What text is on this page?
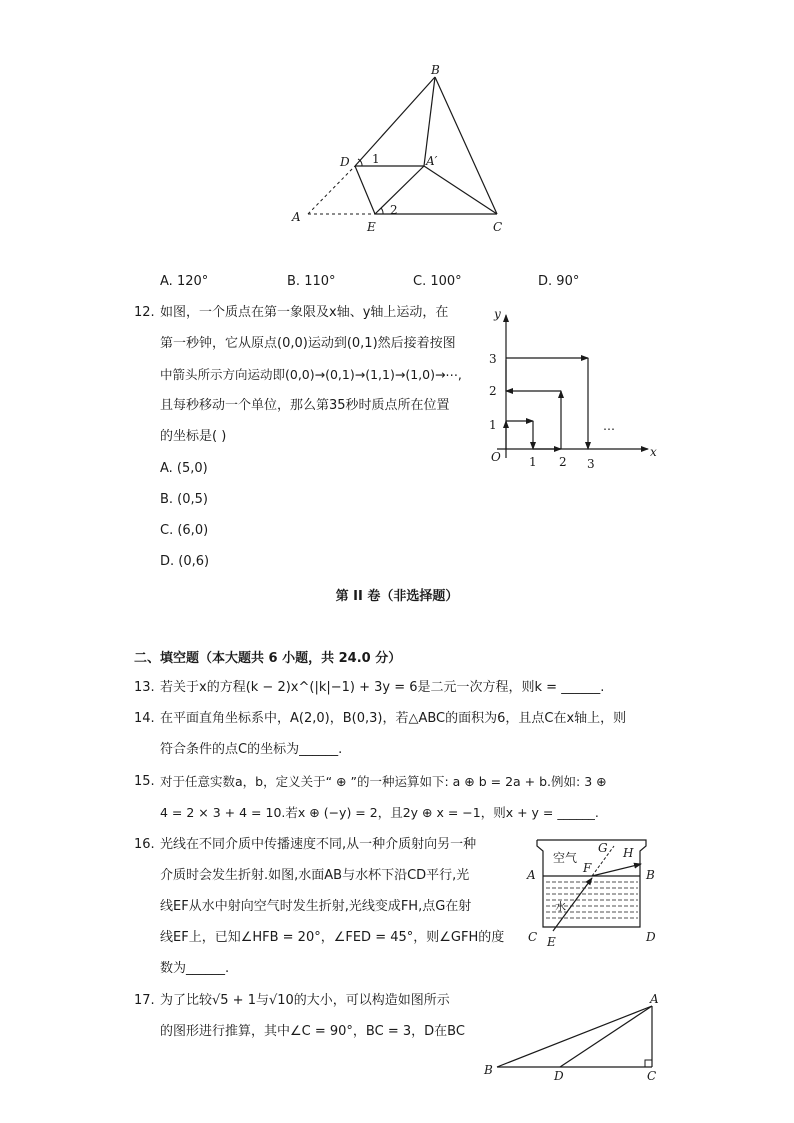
B
D 1	A′
A
E
2
C
A. 120°	B. 110°	C. 100°	D. 90°
12. 如图，一个质点在第一象限及x轴、y轴上运动，在
第一秒钟，它从原点(0,0)运动到(0,1)然后接着按图
中箭头所示方向运动即(0,0)→(0,1)→(1,1)→(1,0)→⋯,
且每秒移动一个单位，那么第35秒时质点所在位置
的坐标是( )
A. (5,0)
B. (0,5)
C. (6,0)
D. (0,6)
y
x
O 1 2 3
1
2
3
⋯
第 II 卷（非选择题）
二、填空题（本大题共 6 小题，共 24.0 分）
13. 若关于x的方程(k − 2)x^(|k|−1) + 3y = 6是二元一次方程，则k = ______.
14. 在平面直角坐标系中，A(2,0)，B(0,3)，若△ABC的面积为6，且点C在x轴上，则
符合条件的点C的坐标为______.
15. 对于任意实数a，b，定义关于“ ⊕ ”的一种运算如下: a ⊕ b = 2a + b.例如: 3 ⊕
4 = 2 × 3 + 4 = 10.若x ⊕ (−y) = 2，且2y ⊕ x = −1，则x + y = ______.
16. 光线在不同介质中传播速度不同,从一种介质射向另一种
介质时会发生折射.如图,水面AB与水杯下沿CD平行,光
线EF从水中射向空气时发生折射,光线变成FH,点G在射
线EF上，已知∠HFB = 20°，∠FED = 45°，则∠GFH的度
数为______.
空气
水
G H
F
A	B
C E	D
17. 为了比较√5 + 1与√10的大小，可以构造如图所示
的图形进行推算，其中∠C = 90°，BC = 3，D在BC
A
B	D	C
